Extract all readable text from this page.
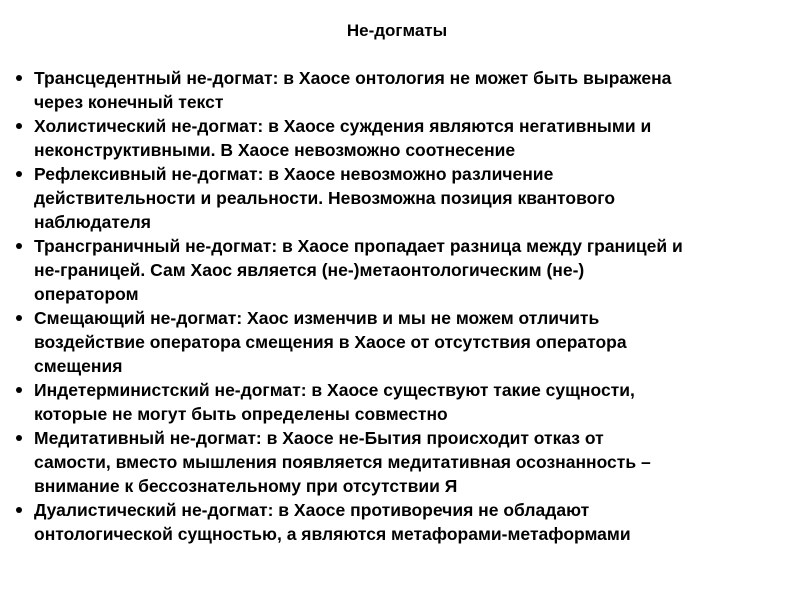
Не-догматы
Трансцедентный не-догмат: в Хаосе онтология не может быть выражена
через конечный текст
Холистический не-догмат: в Хаосе суждения являются негативными и
неконструктивными. В Хаосе невозможно соотнесение
Рефлексивный не-догмат: в Хаосе невозможно различение
действительности и реальности. Невозможна позиция квантового
наблюдателя
Трансграничный не-догмат: в Хаосе пропадает разница между границей и
не-границей. Сам Хаос является (не-)метаонтологическим (не-)
оператором
Смещающий не-догмат: Хаос изменчив и мы не можем отличить
воздействие оператора смещения в Хаосе от отсутствия оператора
смещения
Индетерминистский не-догмат: в Хаосе существуют такие сущности,
которые не могут быть определены совместно
Медитативный не-догмат: в Хаосе не-Бытия происходит отказ от
самости, вместо мышления появляется медитативная осознанность –
внимание к бессознательному при отсутствии Я
Дуалистический не-догмат: в Хаосе противоречия не обладают
онтологической сущностью, а являются метафорами-метаформами
